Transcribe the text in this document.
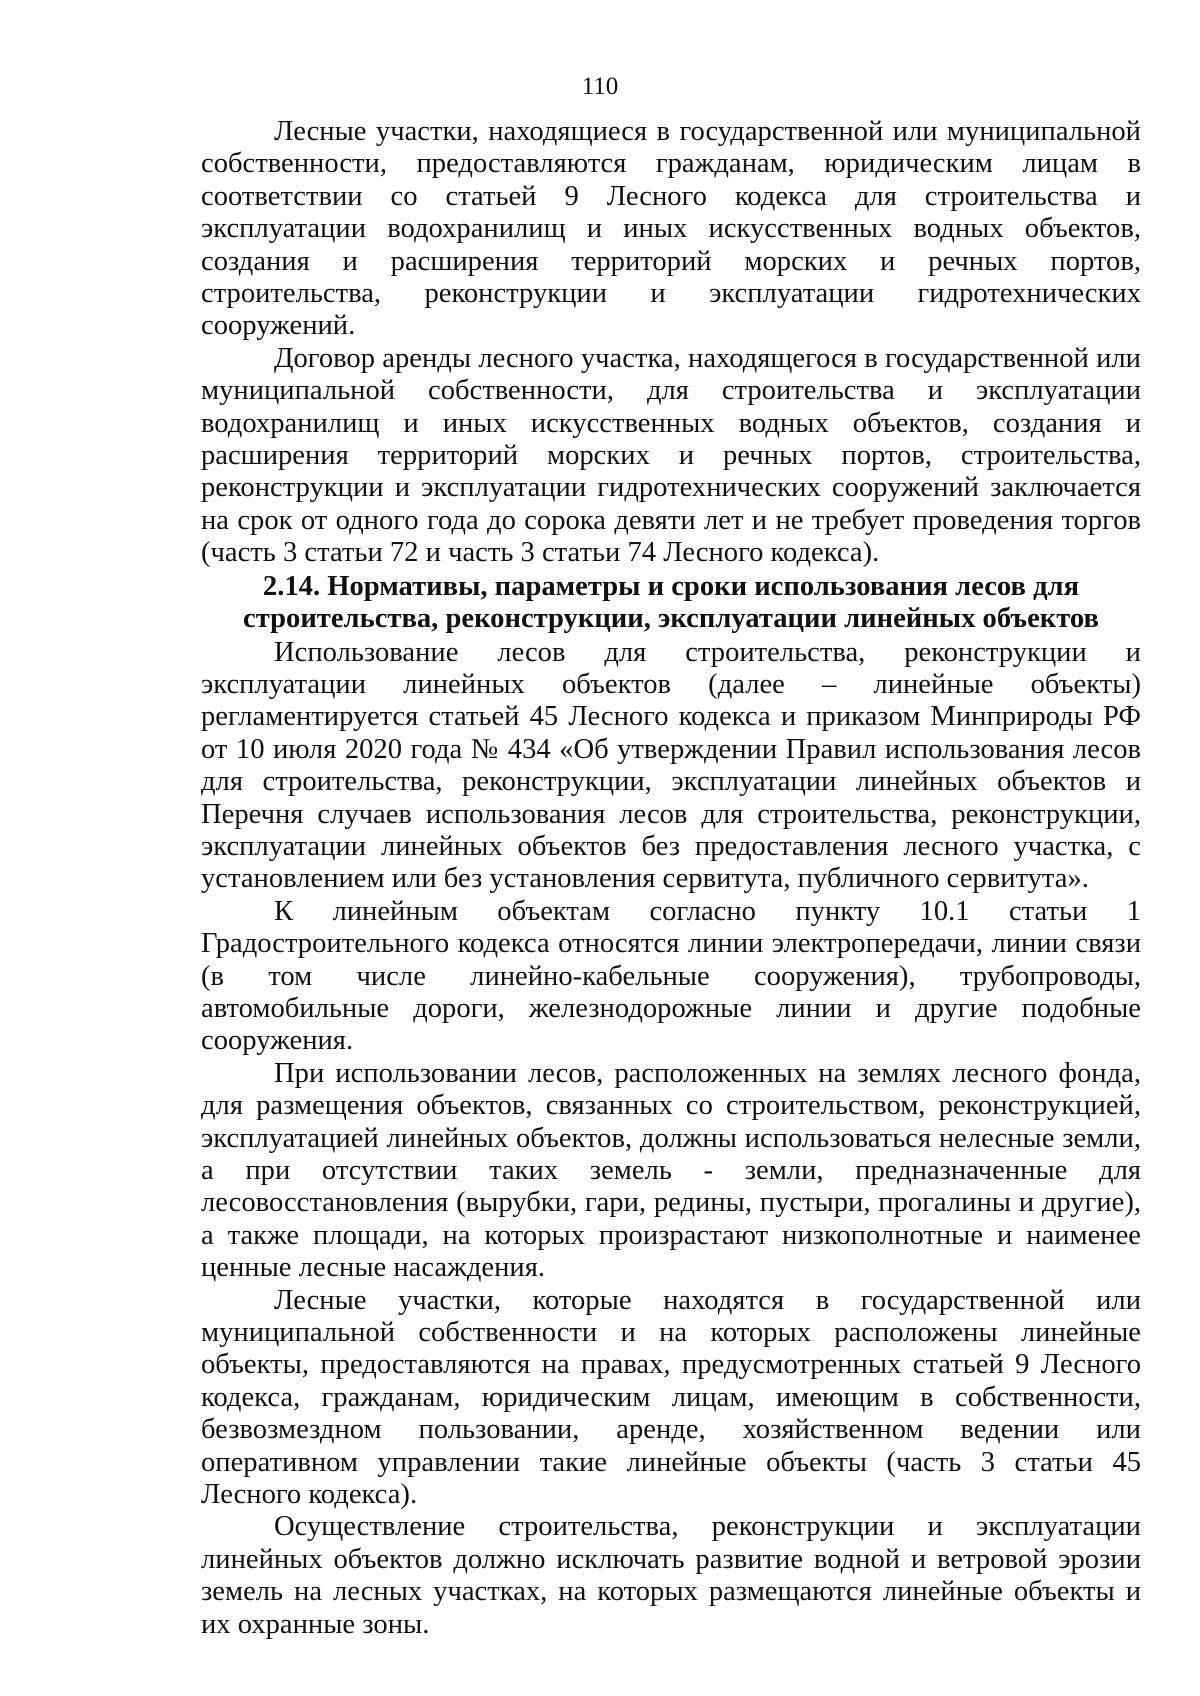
110

Лесные участки, находящиеся в государственной или муниципальной собственности, предоставляются гражданам, юридическим лицам в соответствии со статьей 9 Лесного кодекса для строительства и эксплуатации водохранилищ и иных искусственных водных объектов, создания и расширения территорий морских и речных портов, строительства, реконструкции и эксплуатации гидротехнических сооружений.

Договор аренды лесного участка, находящегося в государственной или муниципальной собственности, для строительства и эксплуатации водохранилищ и иных искусственных водных объектов, создания и расширения территорий морских и речных портов, строительства, реконструкции и эксплуатации гидротехнических сооружений заключается на срок от одного года до сорока девяти лет и не требует проведения торгов (часть 3 статьи 72 и часть 3 статьи 74 Лесного кодекса).

2.14. Нормативы, параметры и сроки использования лесов для
строительства, реконструкции, эксплуатации линейных объектов

Использование лесов для строительства, реконструкции и эксплуатации линейных объектов (далее – линейные объекты) регламентируется статьей 45 Лесного кодекса и приказом Минприроды РФ от 10 июля 2020 года № 434 «Об утверждении Правил использования лесов для строительства, реконструкции, эксплуатации линейных объектов и Перечня случаев использования лесов для строительства, реконструкции, эксплуатации линейных объектов без предоставления лесного участка, с установлением или без установления сервитута, публичного сервитута».

К линейным объектам согласно пункту 10.1 статьи 1 Градостроительного кодекса относятся линии электропередачи, линии связи (в том числе линейно-кабельные сооружения), трубопроводы, автомобильные дороги, железнодорожные линии и другие подобные сооружения.

При использовании лесов, расположенных на землях лесного фонда, для размещения объектов, связанных со строительством, реконструкцией, эксплуатацией линейных объектов, должны использоваться нелесные земли, а при отсутствии таких земель - земли, предназначенные для лесовосстановления (вырубки, гари, редины, пустыри, прогалины и другие), а также площади, на которых произрастают низкополнотные и наименее ценные лесные насаждения.

Лесные участки, которые находятся в государственной или муниципальной собственности и на которых расположены линейные объекты, предоставляются на правах, предусмотренных статьей 9 Лесного кодекса, гражданам, юридическим лицам, имеющим в собственности, безвозмездном пользовании, аренде, хозяйственном ведении или оперативном управлении такие линейные объекты (часть 3 статьи 45 Лесного кодекса).

Осуществление строительства, реконструкции и эксплуатации линейных объектов должно исключать развитие водной и ветровой эрозии земель на лесных участках, на которых размещаются линейные объекты и их охранные зоны.
